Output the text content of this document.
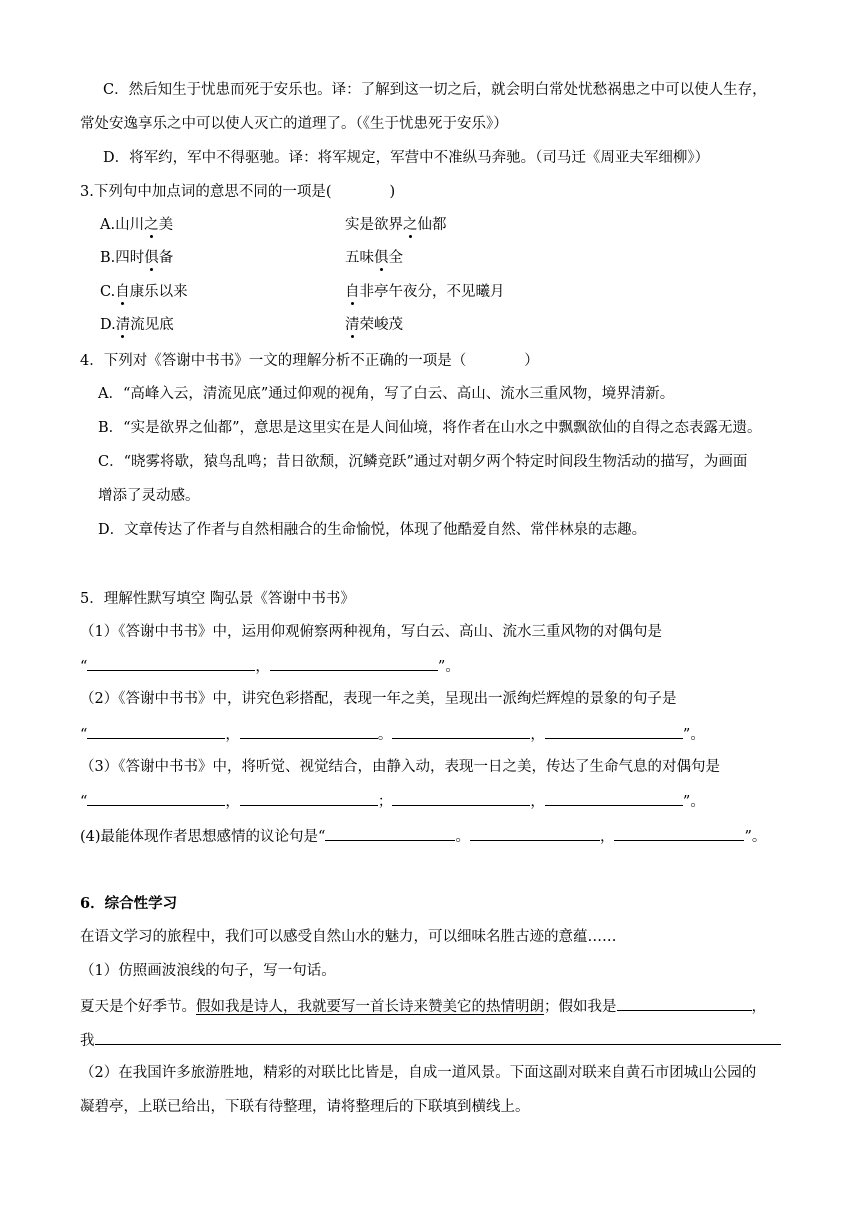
C．然后知生于忧患而死于安乐也。译：了解到这一切之后，就会明白常处忧愁祸患之中可以使人生存，
常处安逸享乐之中可以使人灭亡的道理了。（《生于忧患死于安乐》）
D．将军约，军中不得驱驰。译：将军规定，军营中不准纵马奔驰。（司马迁《周亚夫军细柳》）
3.下列句中加点词的意思不同的一项是(　　　　)
A.山川之美	实是欲界之仙都
B.四时俱备	五味俱全
C.自康乐以来	自非亭午夜分，不见曦月
D.清流见底	清荣峻茂
4．下列对《答谢中书书》一文的理解分析不正确的一项是（　　　　）
A．“高峰入云，清流见底”通过仰观的视角，写了白云、高山、流水三重风物，境界清新。
B．“实是欲界之仙都”，意思是这里实在是人间仙境，将作者在山水之中飘飘欲仙的自得之态表露无遗。
C．“晓雾将歇，猿鸟乱鸣；昔日欲颓，沉鳞竞跃”通过对朝夕两个特定时间段生物活动的描写，为画面
增添了灵动感。
D．文章传达了作者与自然相融合的生命愉悦，体现了他酷爱自然、常伴林泉的志趣。
5．理解性默写填空 陶弘景《答谢中书书》
（1）《答谢中书书》中，运用仰观俯察两种视角，写白云、高山、流水三重风物的对偶句是
“	，	”。
（2）《答谢中书书》中，讲究色彩搭配，表现一年之美，呈现出一派绚烂辉煌的景象的句子是
“	，	。	，	”。
（3）《答谢中书书》中，将听觉、视觉结合，由静入动，表现一日之美，传达了生命气息的对偶句是
“	，	；	，	”。
(4)最能体现作者思想感情的议论句是“	。	，	”。
6．综合性学习
在语文学习的旅程中，我们可以感受自然山水的魅力，可以细味名胜古迹的意蕴……
（1）仿照画波浪线的句子，写一句话。
夏天是个好季节。假如我是诗人，我就要写一首长诗来赞美它的热情明朗；假如我是	，
我
（2）在我国许多旅游胜地，精彩的对联比比皆是，自成一道风景。下面这副对联来自黄石市团城山公园的
凝碧亭，上联已给出，下联有待整理，请将整理后的下联填到横线上。
